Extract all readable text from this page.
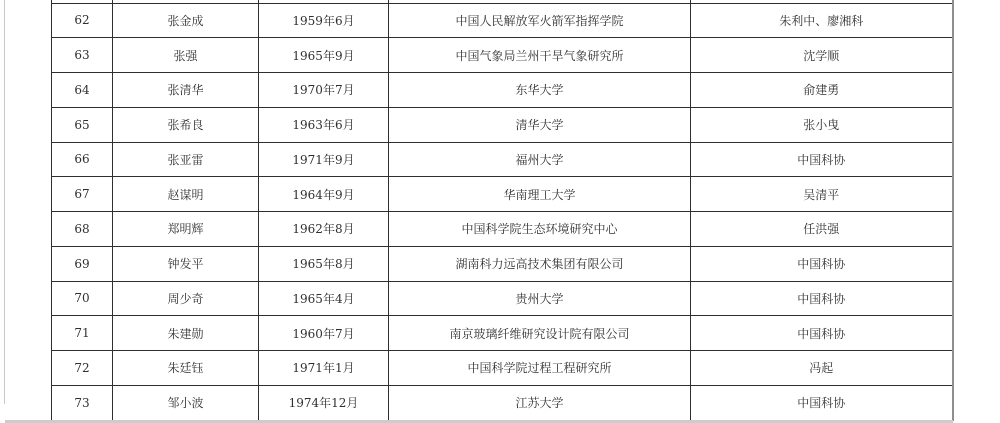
62	张金成	1959年6月	中国人民解放军火箭军指挥学院	朱利中、廖湘科
63	张强	1965年9月	中国气象局兰州干旱气象研究所	沈学顺
64	张清华	1970年7月	东华大学	俞建勇
65	张希良	1963年6月	清华大学	张小曳
66	张亚雷	1971年9月	福州大学	中国科协
67	赵谋明	1964年9月	华南理工大学	吴清平
68	郑明辉	1962年8月	中国科学院生态环境研究中心	任洪强
69	钟发平	1965年8月	湖南科力远高技术集团有限公司	中国科协
70	周少奇	1965年4月	贵州大学	中国科协
71	朱建勋	1960年7月	南京玻璃纤维研究设计院有限公司	中国科协
72	朱廷钰	1971年1月	中国科学院过程工程研究所	冯起
73	邹小波	1974年12月	江苏大学	中国科协
